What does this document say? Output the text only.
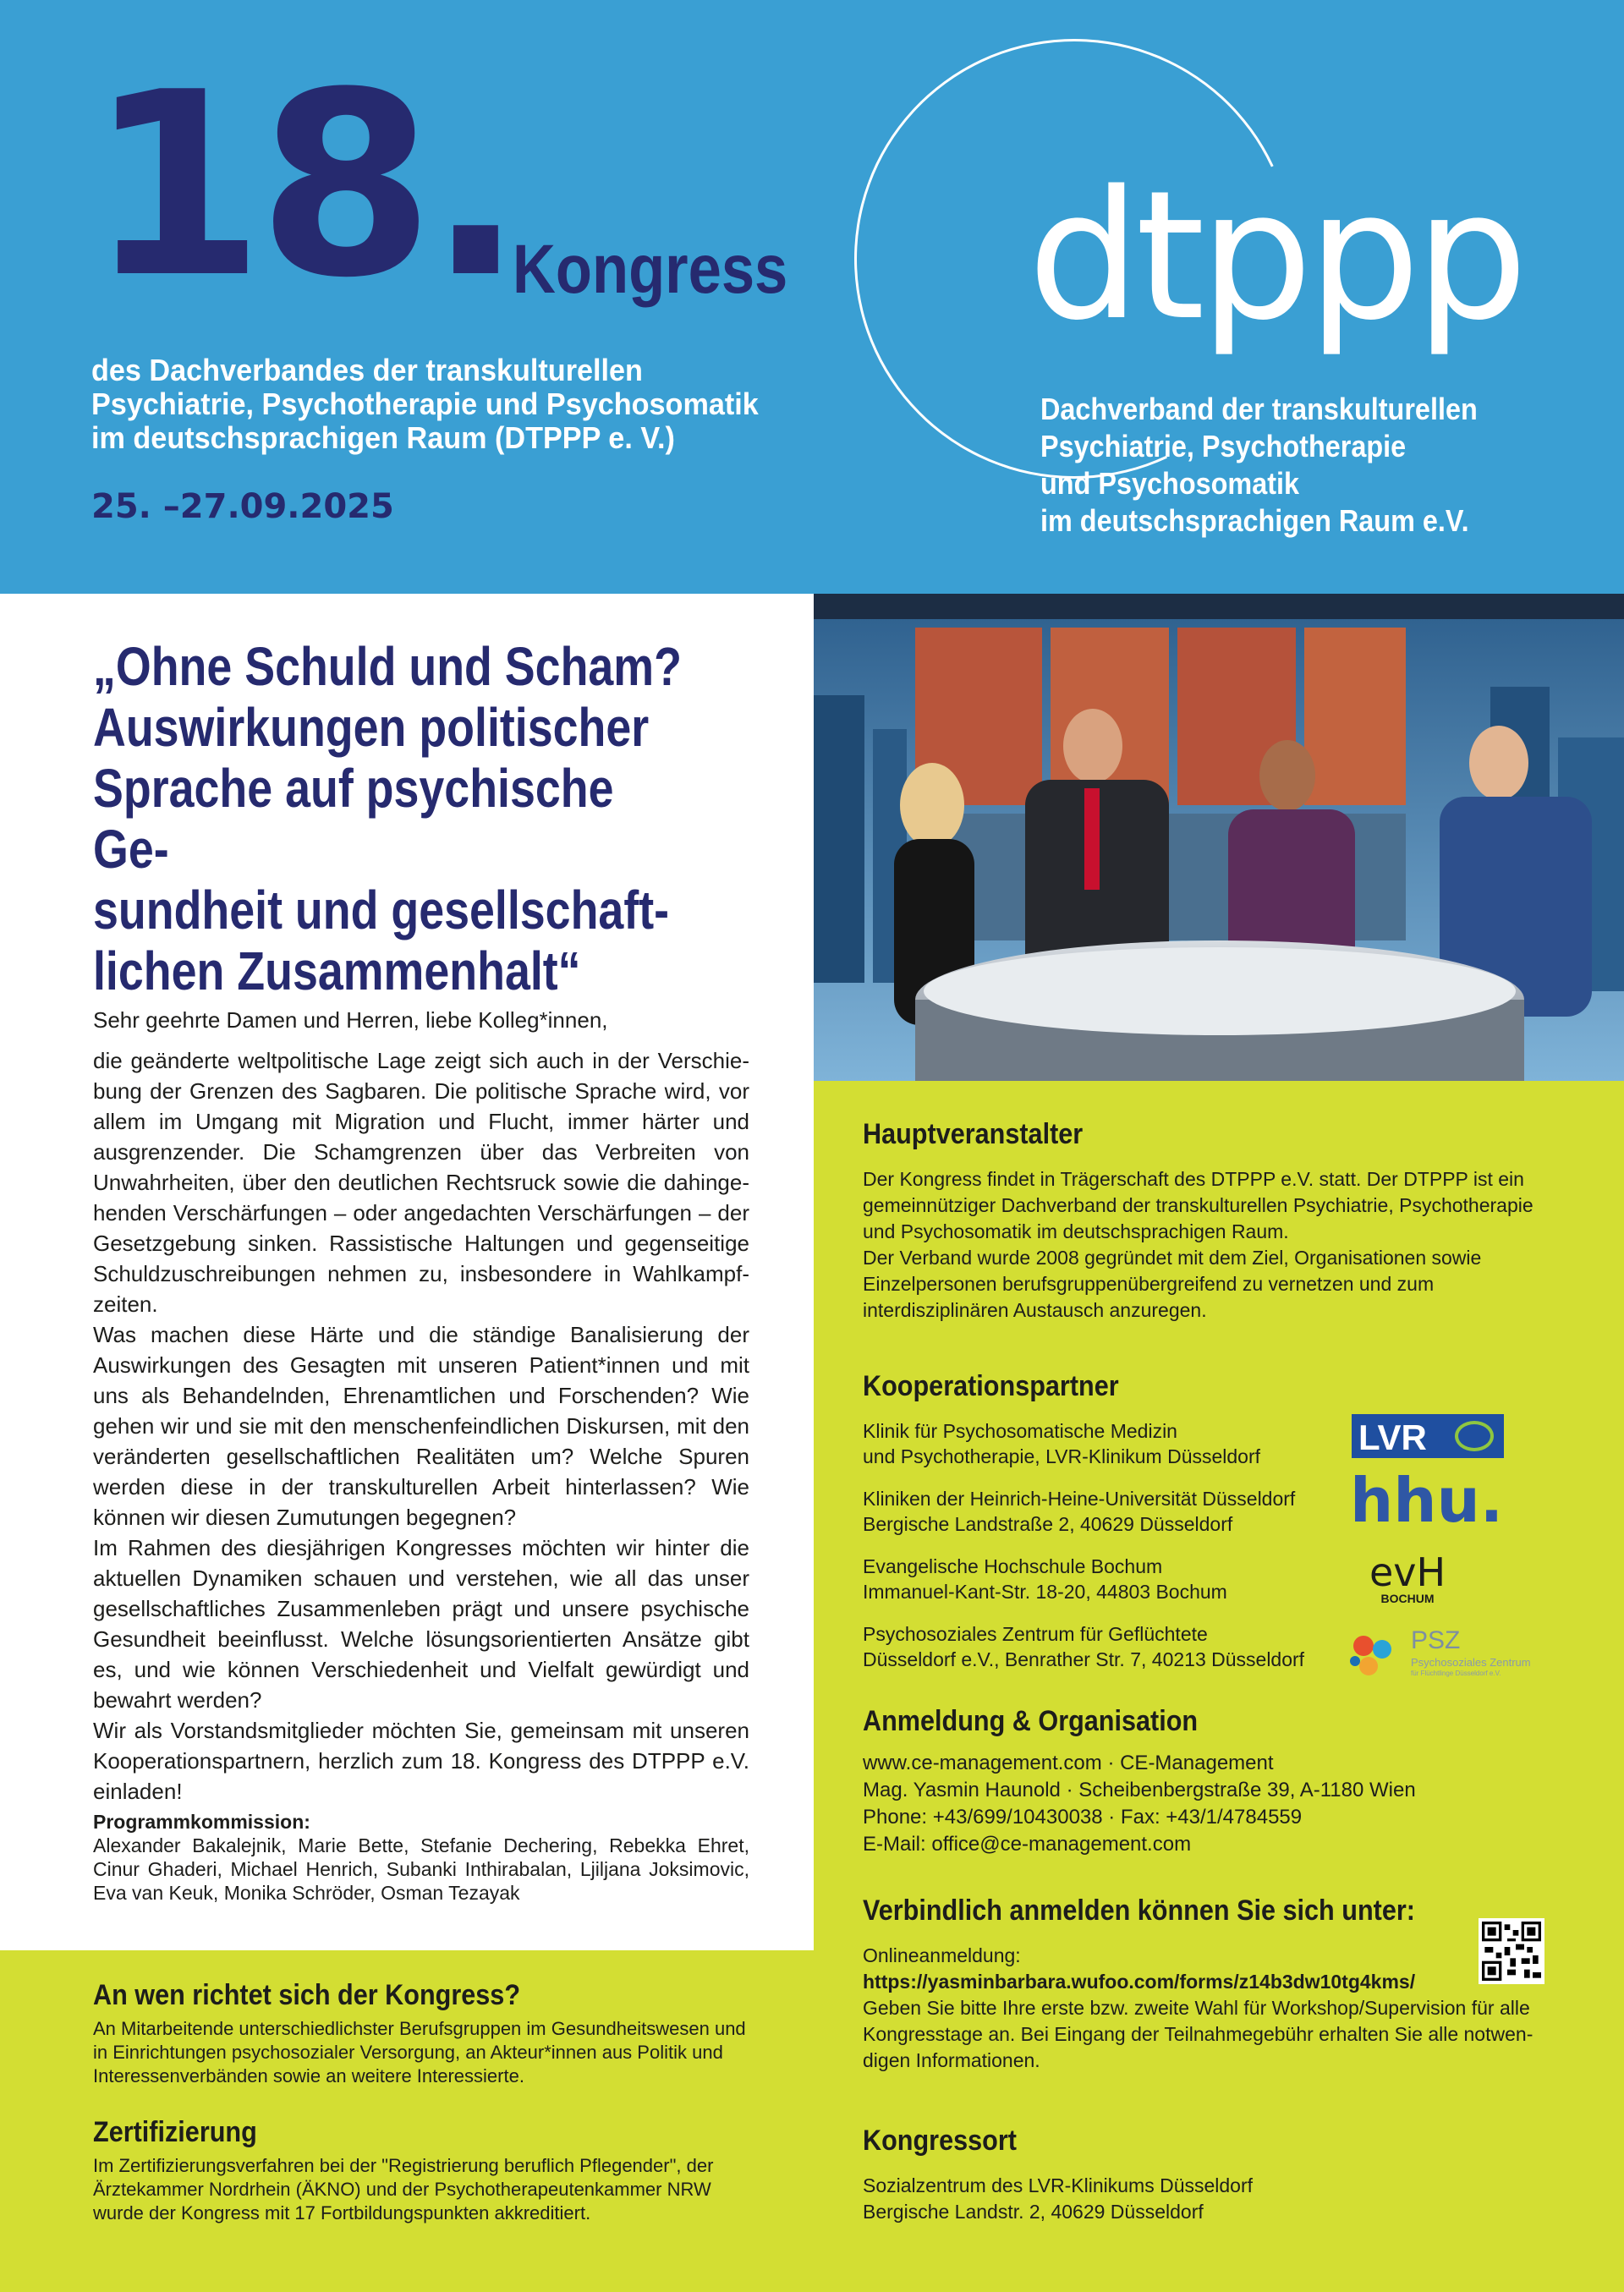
18.
Kongress
des Dachverbandes der transkulturellen
Psychiatrie, Psychotherapie und Psychosomatik
im deutschsprachigen Raum (DTPPP e. V.)
25. –27.09.2025
dtppp
Dachverband der transkulturellen
Psychiatrie, Psychotherapie
und Psychosomatik
im deutschsprachigen Raum e.V.
„Ohne Schuld und Scham?
Auswirkungen politischer
Sprache auf psychische Ge-
sundheit und gesellschaft-
lichen Zusammenhalt“

Sehr geehrte Damen und Herren, liebe Kolleg*innen,

die geänderte weltpolitische Lage zeigt sich auch in der Verschiebung der Grenzen des Sagbaren. Die politische Sprache wird, vor allem im Umgang mit Migration und Flucht, immer härter und ausgrenzender. Die Schamgrenzen über das Verbreiten von Unwahrheiten, über den deutlichen Rechtsruck sowie die dahingehenden Verschärfungen – oder angedachten Verschärfungen – der Gesetzgebung sinken. Rassistische Haltungen und gegenseitige Schuldzuschreibungen nehmen zu, insbesondere in Wahlkampfzeiten.

Was machen diese Härte und die ständige Banalisierung der Auswirkungen des Gesagten mit unseren Patient*innen und mit uns als Behandelnden, Ehrenamtlichen und Forschenden? Wie gehen wir und sie mit den menschenfeindlichen Diskursen, mit den veränderten gesellschaftlichen Realitäten um? Welche Spuren werden diese in der transkulturellen Arbeit hinterlassen? Wie können wir diesen Zumutungen begegnen?

Im Rahmen des diesjährigen Kongresses möchten wir hinter die aktuellen Dynamiken schauen und verstehen, wie all das unser gesellschaftliches Zusammenleben prägt und unsere psychische Gesundheit beeinflusst. Welche lösungsorientierten Ansätze gibt es, und wie können Verschiedenheit und Vielfalt gewürdigt und bewahrt werden?

Wir als Vorstandsmitglieder möchten Sie, gemeinsam mit unseren Kooperationspartnern, herzlich zum 18. Kongress des DTPPP e.V. einladen!

Programmkommission:
Alexander Bakalejnik, Marie Bette, Stefanie Dechering, Rebekka Ehret, Cinur Ghaderi, Michael Henrich, Subanki Inthirabalan, Ljiljana Joksimovic, Eva van Keuk, Monika Schröder, Osman Tezayak
Hauptveranstalter

Der Kongress findet in Trägerschaft des DTPPP e.V. statt. Der DTPPP ist ein gemeinnütziger Dachverband der transkulturellen Psychiatrie, Psychotherapie und Psychosomatik im deutschsprachigen Raum.

Der Verband wurde 2008 gegründet mit dem Ziel, Organisationen sowie Einzelpersonen berufsgruppenübergreifend zu vernetzen und zum interdisziplinären Austausch anzuregen.

Kooperationspartner
Klinik für Psychosomatische Medizin
und Psychotherapie, LVR-Klinikum Düsseldorf
Kliniken der Heinrich-Heine-Universität Düsseldorf
Bergische Landstraße 2, 40629 Düsseldorf
Evangelische Hochschule Bochum
Immanuel-Kant-Str. 18-20, 44803 Bochum
Psychosoziales Zentrum für Geflüchtete
Düsseldorf e.V., Benrather Str. 7, 40213 Düsseldorf
LVR
hhu.
evH
BOCHUM
PSZ
Psychosoziales Zentrum
für Flüchtlinge Düsseldorf e.V.
Anmeldung & Organisation
www.ce-management.com · CE-Management
Mag. Yasmin Haunold · Scheibenbergstraße 39, A-1180 Wien
Phone: +43/699/10430038 · Fax: +43/1/4784559
E-Mail: office@ce-management.com
Verbindlich anmelden können Sie sich unter:
Onlineanmeldung:
https://yasminbarbara.wufoo.com/forms/z14b3dw10tg4kms/
Geben Sie bitte Ihre erste bzw. zweite Wahl für Workshop/Supervision für alle Kongresstage an. Bei Eingang der Teilnahmegebühr erhalten Sie alle notwendigen Informationen.
Kongressort
Sozialzentrum des LVR-Klinikums Düsseldorf
Bergische Landstr. 2, 40629 Düsseldorf
An wen richtet sich der Kongress?

An Mitarbeitende unterschiedlichster Berufsgruppen im Gesundheitswesen und in Einrichtungen psychosozialer Versorgung, an Akteur*innen aus Politik und Interessenverbänden sowie an weitere Interessierte.

Zertifizierung

Im Zertifizierungsverfahren bei der "Registrierung beruflich Pflegender", der Ärztekammer Nordrhein (ÄKNO) und der Psychotherapeutenkammer NRW wurde der Kongress mit 17 Fortbildungspunkten akkreditiert.
